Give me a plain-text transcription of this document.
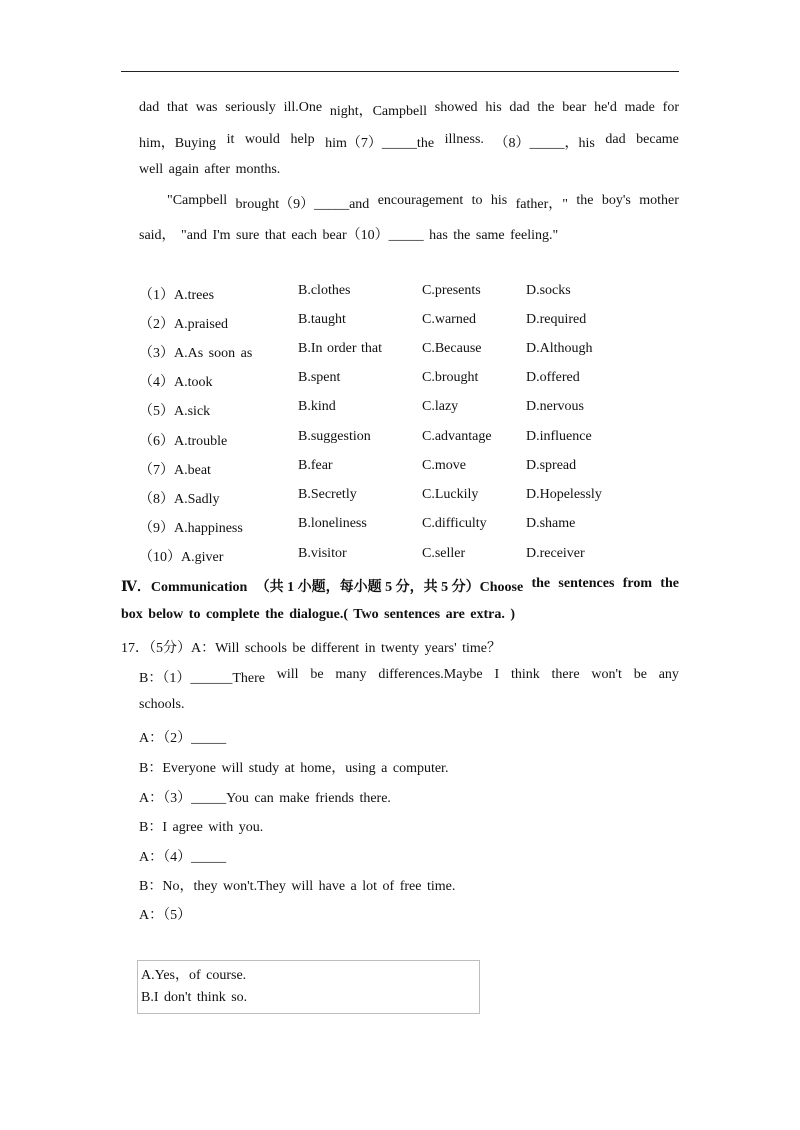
dad that was seriously ill.One night，Campbell showed his dad the bear he'd made for
him，Buying it would help him（7）_____the illness. （8）_____，his dad became
well again after months.
"Campbell brought（9）_____and encouragement to his father，" the boy's mother
said， "and I'm sure that each bear（10）_____ has the same feeling."
（1）A.trees	B.clothes	C.presents	D.socks
（2）A.praised	B.taught	C.warned	D.required
（3）A.As soon as	B.In order that	C.Because	D.Although
（4）A.took	B.spent	C.brought	D.offered
（5）A.sick	B.kind	C.lazy	D.nervous
（6）A.trouble	B.suggestion	C.advantage D.influence
（7）A.beat	B.fear	C.move	D.spread
（8）A.Sadly	B.Secretly	C.Luckily	D.Hopelessly
（9）A.happiness	B.loneliness	C.difficulty	D.shame
（10）A.giver	B.visitor	C.seller	D.receiver
Ⅳ．Communication （共 1 小题，每小题 5 分，共 5 分）Choose the sentences from the
box below to complete the dialogue.( Two sentences are extra. )
17．（5分）A：Will schools be different in twenty years' time？
B：（1）______There will be many differences.Maybe I think there won't be any
schools.
A：（2）_____
B：Everyone will study at home，using a computer.
A：（3）_____You can make friends there.
B：I agree with you.
A：（4）_____
B：No，they won't.They will have a lot of free time.
A：（5）
A.Yes，of course.
B.I don't think so.
